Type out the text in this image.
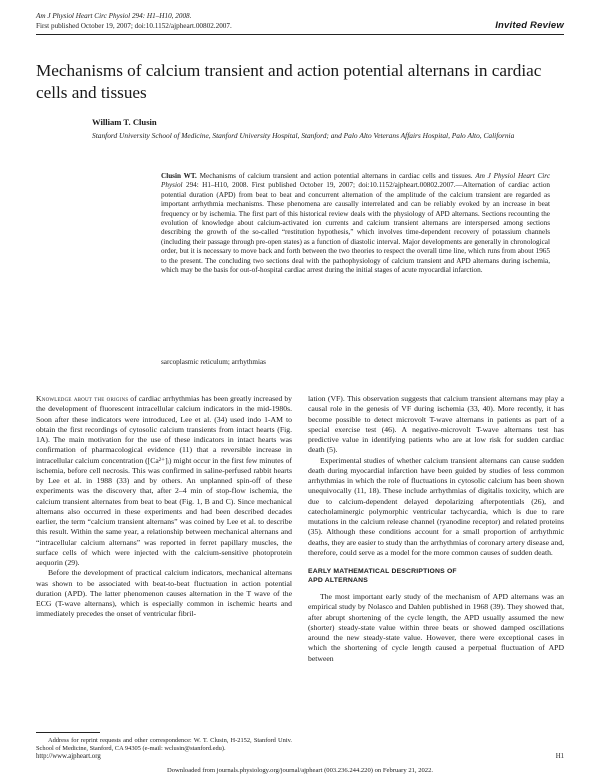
Am J Physiol Heart Circ Physiol 294: H1–H10, 2008.
First published October 19, 2007; doi:10.1152/ajpheart.00802.2007.	Invited Review
Mechanisms of calcium transient and action potential alternans in cardiac cells and tissues
William T. Clusin
Stanford University School of Medicine, Stanford University Hospital, Stanford; and Palo Alto Veterans Affairs Hospital, Palo Alto, California
Clusin WT. Mechanisms of calcium transient and action potential alternans in cardiac cells and tissues. Am J Physiol Heart Circ Physiol 294: H1–H10, 2008. First published October 19, 2007; doi:10.1152/ajpheart.00802.2007.—Alternation of cardiac action potential duration (APD) from beat to beat and concurrent alternation of the amplitude of the calcium transient are regarded as important arrhythmia mechanisms. These phenomena are causally interrelated and can be reliably evoked by an increase in beat frequency or by ischemia. The first part of this historical review deals with the physiology of APD alternans. Sections recounting the evolution of knowledge about calcium-activated ion currents and calcium transient alternans are interspersed among sections describing the growth of the so-called “restitution hypothesis,” which involves time-dependent recovery of potassium channels (including their passage through pre-open states) as a function of diastolic interval. Major developments are generally in chronological order, but it is necessary to move back and forth between the two theories to respect the overall time line, which runs from about 1965 to the present. The concluding two sections deal with the pathophysiology of calcium transient and APD alternans during ischemia, which may be the basis for out-of-hospital cardiac arrest during the initial stages of acute myocardial infarction.
sarcoplasmic reticulum; arrhythmias

Knowledge about the origins of cardiac arrhythmias has been greatly increased by the development of fluorescent intracellular calcium indicators in the mid-1980s. Soon after these indicators were introduced, Lee et al. (34) used indo 1-AM to obtain the first recordings of cytosolic calcium transients from intact hearts (Fig. 1A). The main motivation for the use of these indicators in intact hearts was confirmation of pharmacological evidence (11) that a reversible increase in intracellular calcium concentration ([Ca²⁺]ᵢ) might occur in the first few minutes of ischemia, before cell necrosis. This was confirmed in saline-perfused rabbit hearts by Lee et al. in 1988 (33) and by others. An unplanned spin-off of these experiments was the discovery that, after 2–4 min of stop-flow ischemia, the calcium transient alternates from beat to beat (Fig. 1, B and C). Since mechanical alternans also occurred in these experiments and had been described decades earlier, the term “calcium transient alternans” was coined by Lee et al. to describe this result. Within the same year, a relationship between mechanical alternans and “intracellular calcium alternans” was reported in ferret papillary muscles, the surface cells of which were injected with the calcium-sensitive photoprotein aequorin (29).

Before the development of practical calcium indicators, mechanical alternans was shown to be associated with beat-to-beat fluctuation in action potential duration (APD). The latter phenomenon causes alternation in the T wave of the ECG (T-wave alternans), which is especially common in ischemic hearts and immediately precedes the onset of ventricular fibril-

lation (VF). This observation suggests that calcium transient alternans may play a causal role in the genesis of VF during ischemia (33, 40). More recently, it has become possible to detect microvolt T-wave alternans in patients as part of a special exercise test (46). A negative-microvolt T-wave alternans test has predictive value in identifying patients who are at low risk for sudden cardiac death (5).

Experimental studies of whether calcium transient alternans can cause sudden death during myocardial infarction have been guided by studies of less common arrhythmias in which the role of fluctuations in cytosolic calcium has been shown unequivocally (11, 18). These include arrhythmias of digitalis toxicity, which are due to calcium-dependent delayed depolarizing afterpotentials (26), and catecholaminergic polymorphic ventricular tachycardia, which is due to rare mutations in the calcium release channel (ryanodine receptor) and related proteins (35). Although these conditions account for a small proportion of arrhythmic deaths, they are easier to study than the arrhythmias of coronary artery disease and, therefore, could serve as a model for the more common causes of sudden death.

EARLY MATHEMATICAL DESCRIPTIONS OF
APD ALTERNANS

The most important early study of the mechanism of APD alternans was an empirical study by Nolasco and Dahlen published in 1968 (39). They showed that, after abrupt shortening of the cycle length, the APD usually assumed the new (shorter) steady-state value within three beats or showed damped oscillations around the new steady-state value. However, there were exceptional cases in which the shortening of cycle length caused a perpetual fluctuation of APD between

Address for reprint requests and other correspondence: W. T. Clusin, H-2152, Stanford Univ. School of Medicine, Stanford, CA 94305 (e-mail: wclusin@stanford.edu).
http://www.ajpheart.org	H1
Downloaded from journals.physiology.org/journal/ajpheart (003.236.244.220) on February 21, 2022.
